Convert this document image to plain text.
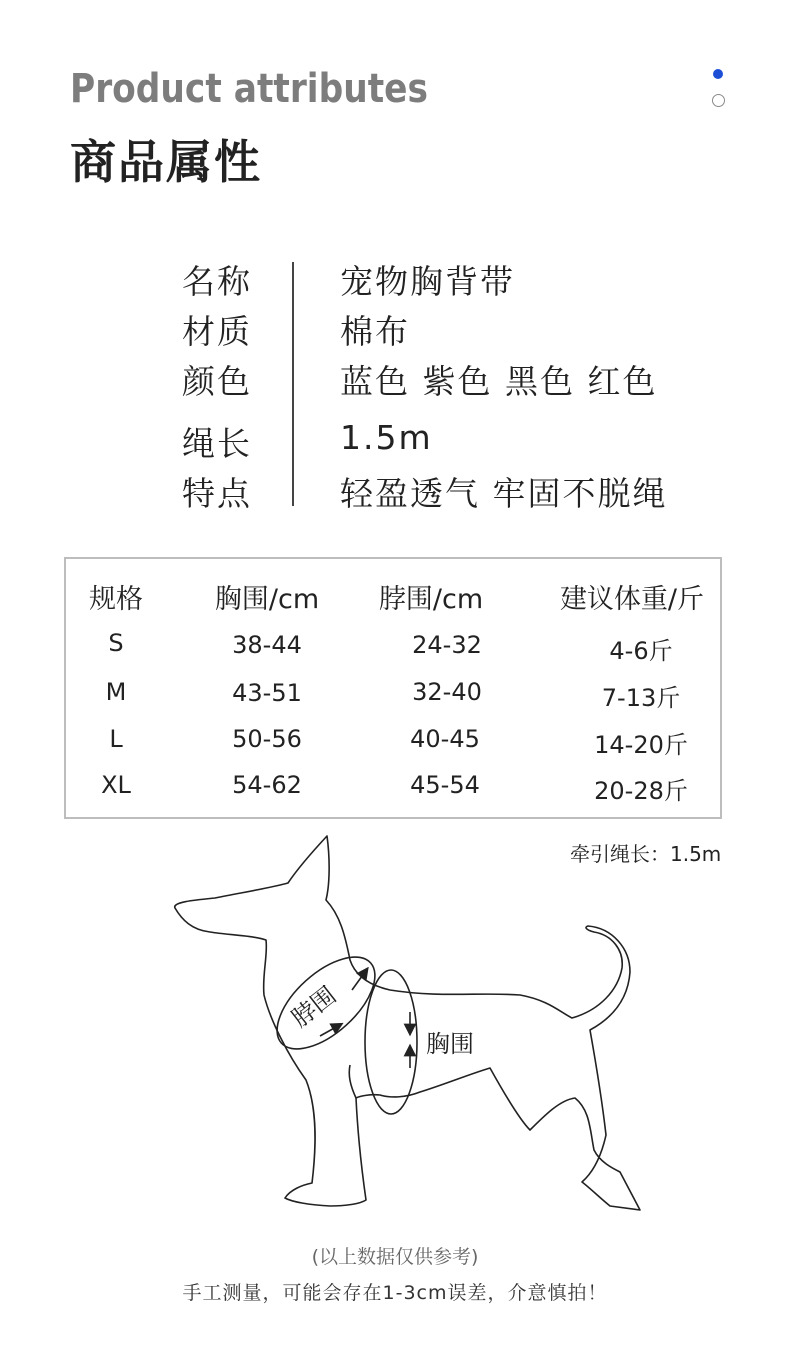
Product attributes
商品属性
名称	宠物胸背带
材质	棉布
颜色	蓝色 紫色 黑色 红色
绳长	1.5m
特点	轻盈透气 牢固不脱绳
规格	胸围/cm	脖围/cm	建议体重/斤
S	38-44	24-32	4-6斤
M	43-51	32-40	7-13斤
L	50-56	40-45	14-20斤
XL	54-62	45-54	20-28斤
牵引绳长：1.5m
脖围
胸围
(以上数据仅供参考)
手工测量，可能会存在1-3cm误差，介意慎拍！
